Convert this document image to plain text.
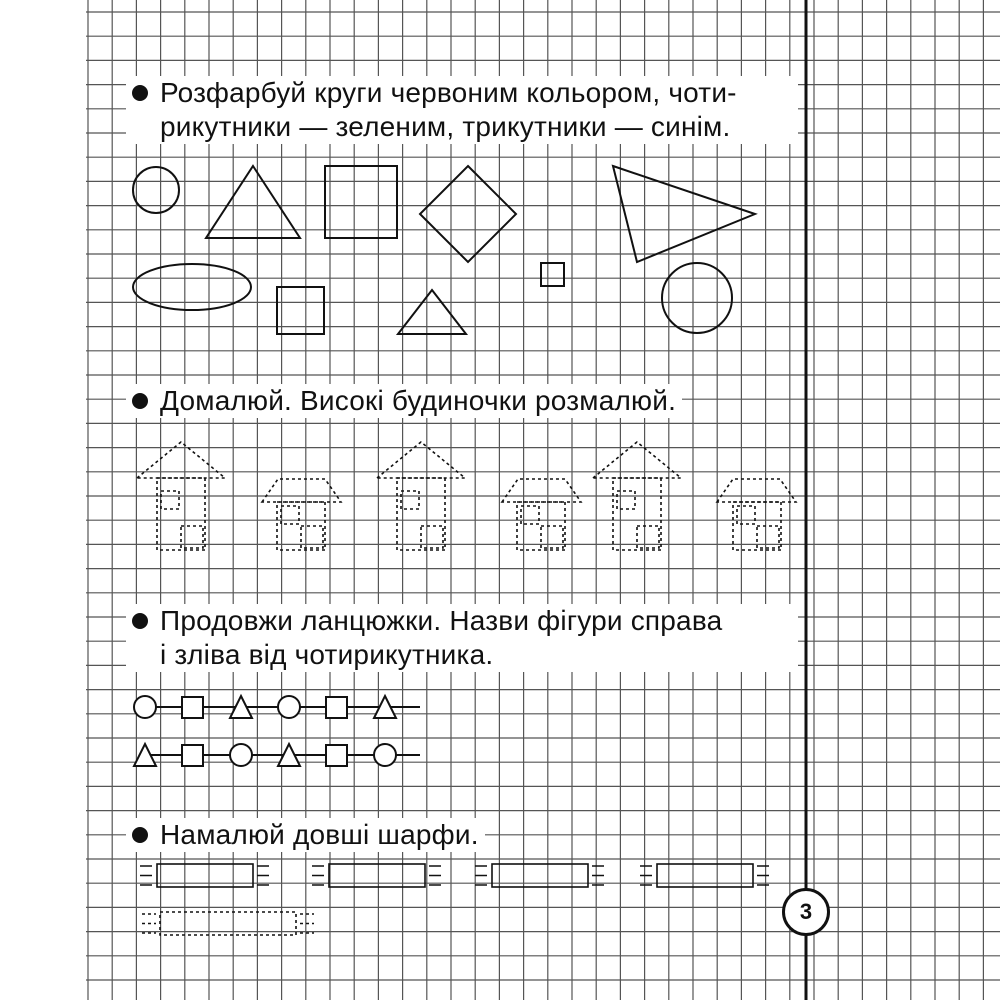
Розфарбуй круги червоним кольором, чоти-
рикутники — зеленим, трикутники — синім.
Домалюй. Високі будиночки розмалюй.
Продовжи ланцюжки. Назви фігури справа
і зліва від чотирикутника.
Намалюй довші шарфи.
3
